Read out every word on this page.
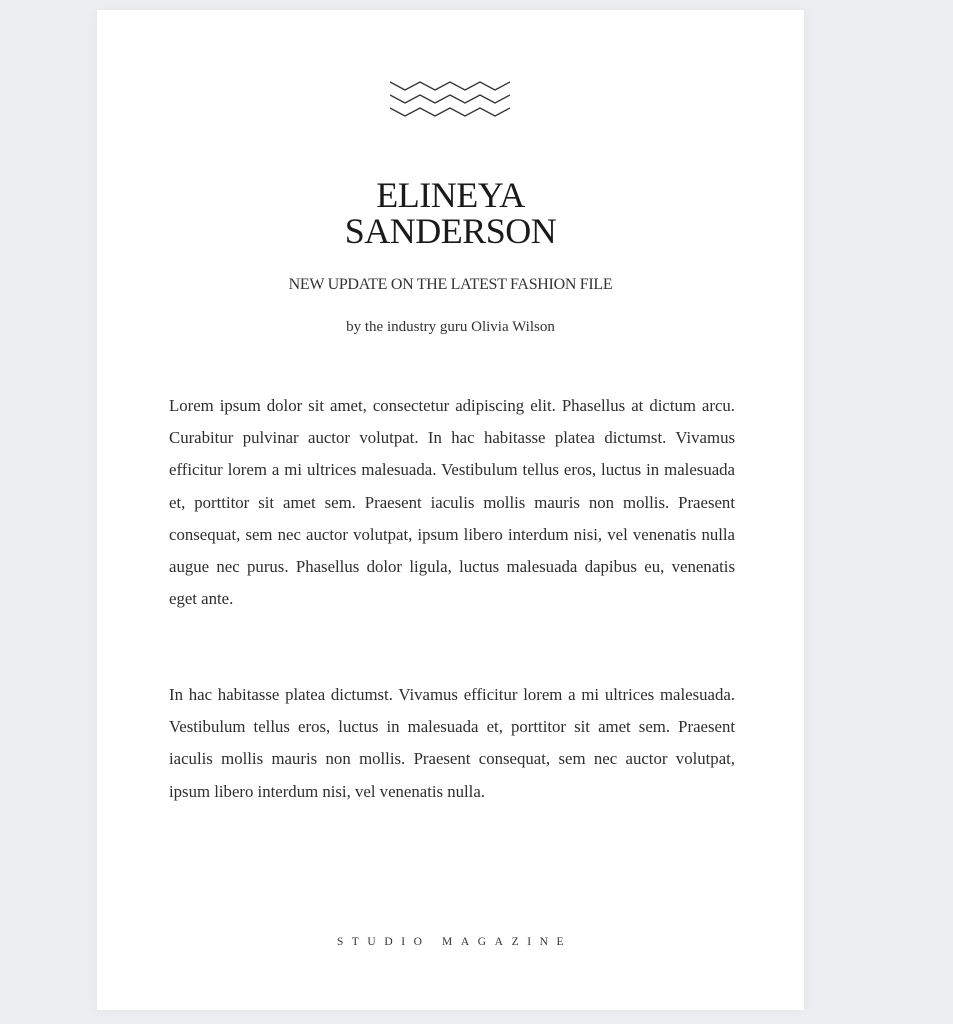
ELINEYA
SANDERSON

NEW UPDATE ON THE LATEST FASHION FILE

by the industry guru Olivia Wilson

Lorem ipsum dolor sit amet, consectetur adipiscing elit. Phasellus at dictum arcu. Curabitur pulvinar auctor volutpat. In hac habitasse platea dictumst. Vivamus efficitur lorem a mi ultrices malesuada. Vestibulum tellus eros, luctus in malesuada et, porttitor sit amet sem. Praesent iaculis mollis mauris non mollis. Praesent consequat, sem nec auctor volutpat, ipsum libero interdum nisi, vel venenatis nulla augue nec purus. Phasellus dolor ligula, luctus malesuada dapibus eu, venenatis eget ante.

In hac habitasse platea dictumst. Vivamus efficitur lorem a mi ultrices malesuada. Vestibulum tellus eros, luctus in malesuada et, porttitor sit amet sem. Praesent iaculis mollis mauris non mollis. Praesent consequat, sem nec auctor volutpat, ipsum libero interdum nisi, vel venenatis nulla.

STUDIO MAGAZINE
